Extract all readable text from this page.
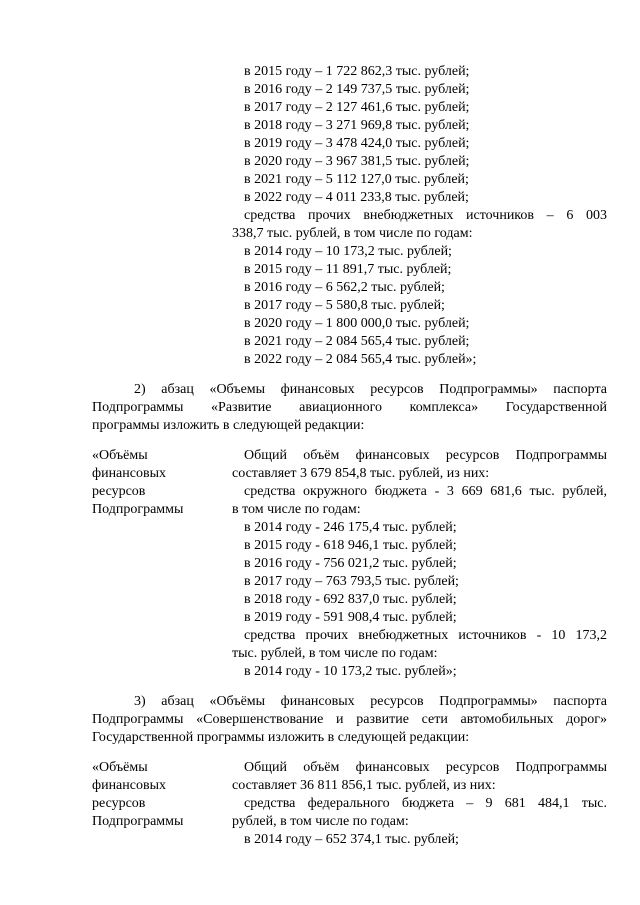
в 2015 году – 1 722 862,3 тыс. рублей;
в 2016 году – 2 149 737,5 тыс. рублей;
в 2017 году – 2 127 461,6 тыс. рублей;
в 2018 году – 3 271 969,8 тыс. рублей;
в 2019 году – 3 478 424,0 тыс. рублей;
в 2020 году – 3 967 381,5 тыс. рублей;
в 2021 году – 5 112 127,0 тыс. рублей;
в 2022 году – 4 011 233,8 тыс. рублей;
средства прочих внебюджетных источников – 6 003
338,7 тыс. рублей, в том числе по годам:
в 2014 году – 10 173,2 тыс. рублей;
в 2015 году – 11 891,7 тыс. рублей;
в 2016 году – 6 562,2 тыс. рублей;
в 2017 году – 5 580,8 тыс. рублей;
в 2020 году – 1 800 000,0 тыс. рублей;
в 2021 году – 2 084 565,4 тыс. рублей;
в 2022 году – 2 084 565,4 тыс. рублей»;
2) абзац «Объемы финансовых ресурсов Подпрограммы» паспорта
Подпрограммы «Развитие авиационного комплекса» Государственной
программы изложить в следующей редакции:
«Объёмы
финансовых
ресурсов
Подпрограммы
Общий объём финансовых ресурсов Подпрограммы
составляет 3 679 854,8 тыс. рублей, из них:
средства окружного бюджета - 3 669 681,6 тыс. рублей,
в том числе по годам:
в 2014 году - 246 175,4 тыс. рублей;
в 2015 году - 618 946,1 тыс. рублей;
в 2016 году - 756 021,2 тыс. рублей;
в 2017 году – 763 793,5 тыс. рублей;
в 2018 году - 692 837,0 тыс. рублей;
в 2019 году - 591 908,4 тыс. рублей;
средства прочих внебюджетных источников - 10 173,2
тыс. рублей, в том числе по годам:
в 2014 году - 10 173,2 тыс. рублей»;
3) абзац «Объёмы финансовых ресурсов Подпрограммы» паспорта
Подпрограммы «Совершенствование и развитие сети автомобильных дорог»
Государственной программы изложить в следующей редакции:
«Объёмы
финансовых
ресурсов
Подпрограммы
Общий объём финансовых ресурсов Подпрограммы
составляет 36 811 856,1 тыс. рублей, из них:
средства федерального бюджета – 9 681 484,1 тыс.
рублей, в том числе по годам:
в 2014 году – 652 374,1 тыс. рублей;
